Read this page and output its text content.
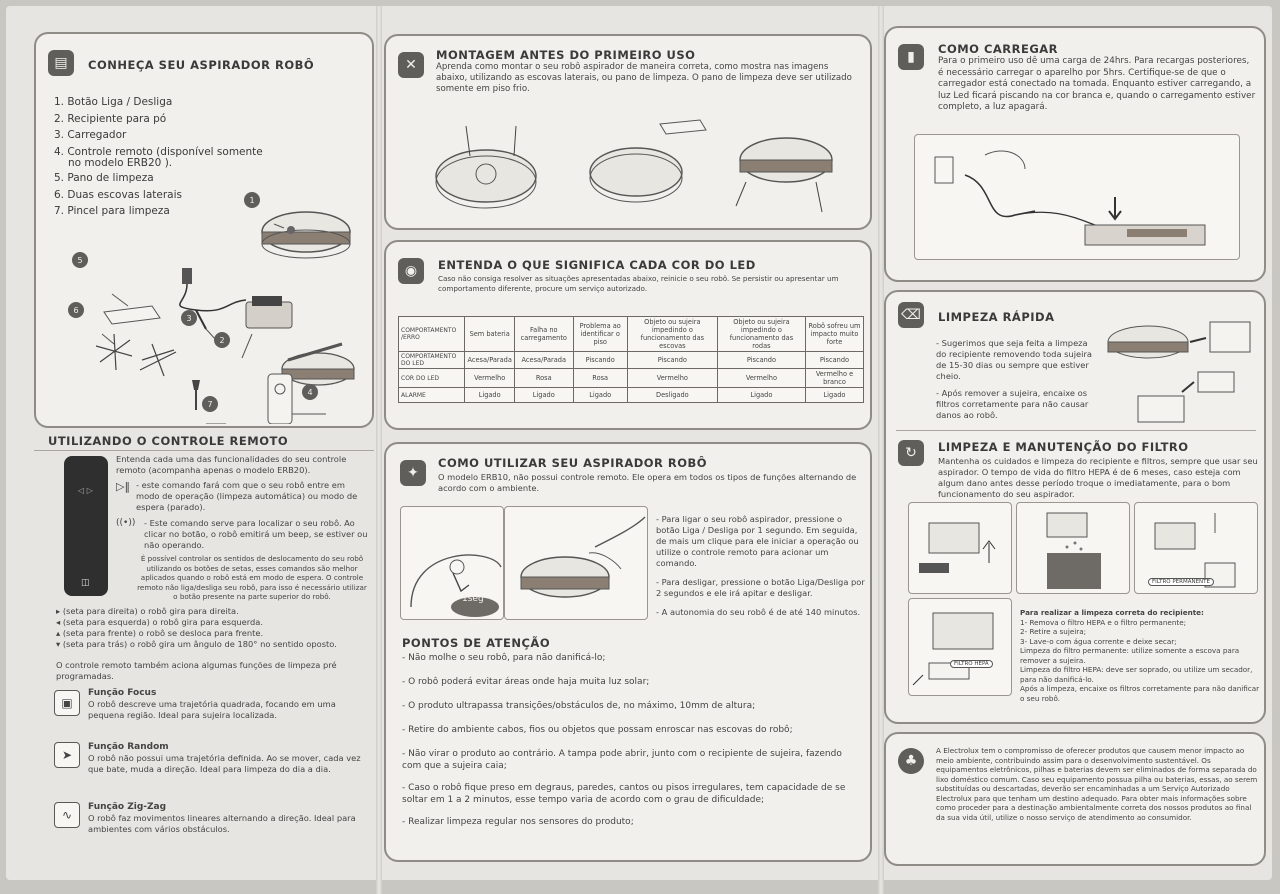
▤	CONHEÇA SEU ASPIRADOR ROBÔ
1. Botão Liga / Desliga
2. Recipiente para pó
3. Carregador
4. Controle remoto (disponível somente
no modelo ERB20 ).
5. Pano de limpeza
6. Duas escovas laterais
7. Pincel para limpeza
1
2
3
4
5
6
7
UTILIZANDO O CONTROLE REMOTO
◁ ▷
◫
Entenda cada uma das funcionalidades do seu controle remoto (acompanha apenas o modelo ERB20).
▷‖ - este comando fará com que o seu robô entre em modo de operação (limpeza automática) ou modo de espera (parado).
((•)) - Este comando serve para localizar o seu robô. Ao clicar no botão, o robô emitirá um beep, se estiver ou não operando.
É possível controlar os sentidos de deslocamento do seu robô utilizando os botões de setas, esses comandos são melhor aplicados quando o robô está em modo de espera. O controle remoto não liga/desliga seu robô, para isso é necessário utilizar o botão presente na parte superior do robô.
▸ (seta para direita) o robô gira para direita.
◂ (seta para esquerda) o robô gira para esquerda.
▴ (seta para frente) o robô se desloca para frente.
▾ (seta para trás) o robô gira um ângulo de 180° no sentido oposto.
O controle remoto também aciona algumas funções de limpeza pré programadas.
▣
Função Focus
O robô descreve uma trajetória quadrada, focando em uma pequena região. Ideal para sujeira localizada.
➤
Função Random
O robô não possui uma trajetória definida. Ao se mover, cada vez que bate, muda a direção. Ideal para limpeza do dia a dia.
∿
Função Zig-Zag
O robô faz movimentos lineares alternando a direção. Ideal para ambientes com vários obstáculos.
✕
MONTAGEM ANTES DO PRIMEIRO USO
Aprenda como montar o seu robô aspirador de maneira correta, como mostra nas imagens abaixo, utilizando as escovas laterais, ou pano de limpeza. O pano de limpeza deve ser utilizado somente em piso frio.
◉	ENTENDA O QUE SIGNIFICA CADA COR DO LED
Caso não consiga resolver as situações apresentadas abaixo, reinicie o seu robô. Se persistir ou apresentar um comportamento diferente, procure um serviço autorizado.
COMPORTAMENTO /ERRO	Sem bateria	Falha no carregamento	Problema ao identificar o piso	Objeto ou sujeira impedindo o funcionamento das escovas	Objeto ou sujeira impedindo o funcionamento das rodas	Robô sofreu um impacto muito forte
COMPORTAMENTO DO LED	Acesa/Parada	Acesa/Parada	Piscando	Piscando	Piscando	Piscando
COR DO LED	Vermelho	Rosa	Rosa	Vermelho	Vermelho	Vermelho e branco
ALARME	Ligado	Ligado	Ligado	Desligado	Ligado	Ligado
✦
COMO UTILIZAR SEU ASPIRADOR ROBÔ
O modelo ERB10, não possui controle remoto. Ele opera em todos os tipos de funções alternando de acordo com o ambiente.
1seg
- Para ligar o seu robô aspirador, pressione o botão Liga / Desliga por 1 segundo. Em seguida, de mais um clique para ele iniciar a operação ou utilize o controle remoto para acionar um comando.
- Para desligar, pressione o botão Liga/Desliga por 2 segundos e ele irá apitar e desligar.
- A autonomia do seu robô é de até 140 minutos.
PONTOS DE ATENÇÃO
- Não molhe o seu robô, para não danificá-lo;
- O robô poderá evitar áreas onde haja muita luz solar;
- O produto ultrapassa transições/obstáculos de, no máximo, 10mm de altura;
- Retire do ambiente cabos, fios ou objetos que possam enroscar nas escovas do robô;
- Não virar o produto ao contrário. A tampa pode abrir, junto com o recipiente de sujeira, fazendo com que a sujeira caia;
- Caso o robô fique preso em degraus, paredes, cantos ou pisos irregulares, tem capacidade de se soltar em 1 a 2 minutos, esse tempo varia de acordo com o grau de dificuldade;
- Realizar limpeza regular nos sensores do produto;
▮	COMO CARREGAR
Para o primeiro uso dê uma carga de 24hrs. Para recargas posteriores, é necessário carregar o aparelho por 5hrs. Certifique-se de que o carregador está conectado na tomada. Enquanto estiver carregando, a luz Led ficará piscando na cor branca e, quando o carregamento estiver completo, a luz apagará.
⌫ LIMPEZA RÁPIDA
- Sugerimos que seja feita a limpeza do recipiente removendo toda sujeira de 15-30 dias ou sempre que estiver cheio.
- Após remover a sujeira, encaixe os filtros corretamente para não causar danos ao robô.
↻	LIMPEZA E MANUTENÇÃO DO FILTRO
Mantenha os cuidados e limpeza do recipiente e filtros, sempre que usar seu aspirador. O tempo de vida do filtro HEPA é de 6 meses, caso esteja com algum dano antes desse período troque o imediatamente, para o bom funcionamento do seu aspirador.
FILTRO PERMANENTE
FILTRO HEPA
Para realizar a limpeza correta do recipiente:
1- Remova o filtro HEPA e o filtro permanente;
2- Retire a sujeira;
3- Lave-o com água corrente e deixe secar;
Limpeza do filtro permanente: utilize somente a escova para remover a sujeira.
Limpeza do filtro HEPA: deve ser soprado, ou utilize um secador, para não danificá-lo.
Após a limpeza, encaixe os filtros corretamente para não danificar o seu robô.
♣
A Electrolux tem o compromisso de oferecer produtos que causem menor impacto ao meio ambiente, contribuindo assim para o desenvolvimento sustentável. Os equipamentos eletrônicos, pilhas e baterias devem ser eliminados de forma separada do lixo doméstico comum. Caso seu equipamento possua pilha ou baterias, essas, ao serem substituídas ou descartadas, deverão ser encaminhadas a um Serviço Autorizado Electrolux para que tenham um destino adequado. Para obter mais informações sobre como proceder para a destinação ambientalmente correta dos nossos produtos ao final da sua vida útil, utilize o nosso serviço de atendimento ao consumidor.
